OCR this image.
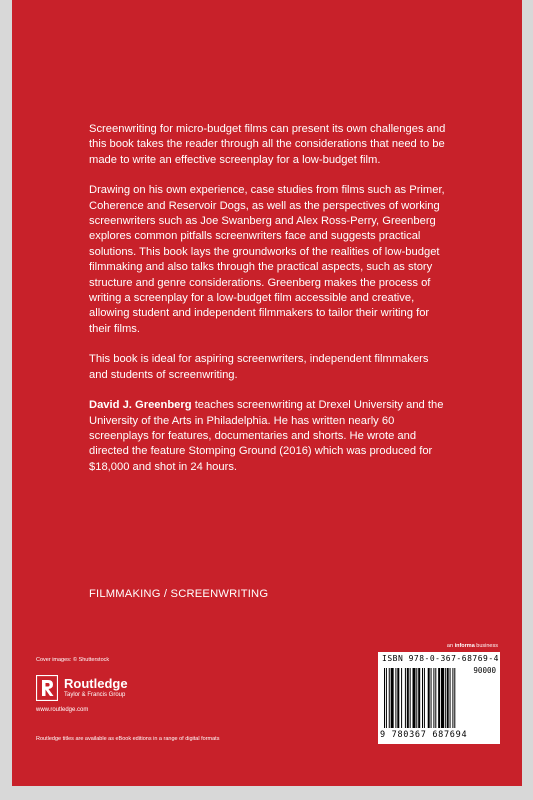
Screenwriting for micro-budget films can present its own challenges and this book takes the reader through all the considerations that need to be made to write an effective screenplay for a low-budget film.

Drawing on his own experience, case studies from films such as Primer, Coherence and Reservoir Dogs, as well as the perspectives of working screenwriters such as Joe Swanberg and Alex Ross-Perry, Greenberg explores common pitfalls screenwriters face and suggests practical solutions. This book lays the groundworks of the realities of low-budget filmmaking and also talks through the practical aspects, such as story structure and genre considerations. Greenberg makes the process of writing a screenplay for a low-budget film accessible and creative, allowing student and independent filmmakers to tailor their writing for their films.

This book is ideal for aspiring screenwriters, independent filmmakers and students of screenwriting.

David J. Greenberg teaches screenwriting at Drexel University and the University of the Arts in Philadelphia. He has written nearly 60 screenplays for features, documentaries and shorts. He wrote and directed the feature Stomping Ground (2016) which was produced for $18,000 and shot in 24 hours.

FILMMAKING / SCREENWRITING
an informa business
Cover images: © Shutterstock
Routledge
Taylor & Francis Group
www.routledge.com
Routledge titles are available as eBook editions in a range of digital formats
ISBN 978-0-367-68769-4
90000
9 780367 687694
